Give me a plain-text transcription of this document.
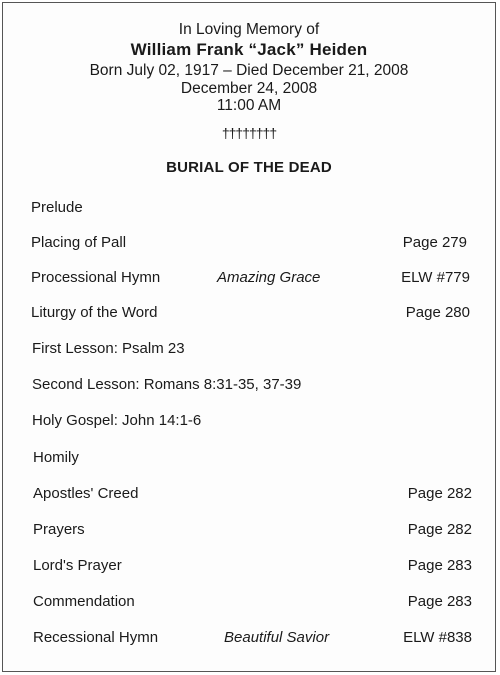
In Loving Memory of
William Frank “Jack” Heiden
Born July 02, 1917 – Died December 21, 2008
December 24, 2008
11:00 AM
††††††††
BURIAL OF THE DEAD
Prelude
Placing of Pall	Page 279
Processional Hymn	Amazing Grace	ELW #779
Liturgy of the Word	Page 280
First Lesson: Psalm 23
Second Lesson: Romans 8:31-35, 37-39
Holy Gospel: John 14:1-6
Homily
Apostles' Creed	Page 282
Prayers	Page 282
Lord's Prayer	Page 283
Commendation	Page 283
Recessional Hymn	Beautiful Savior	ELW #838
